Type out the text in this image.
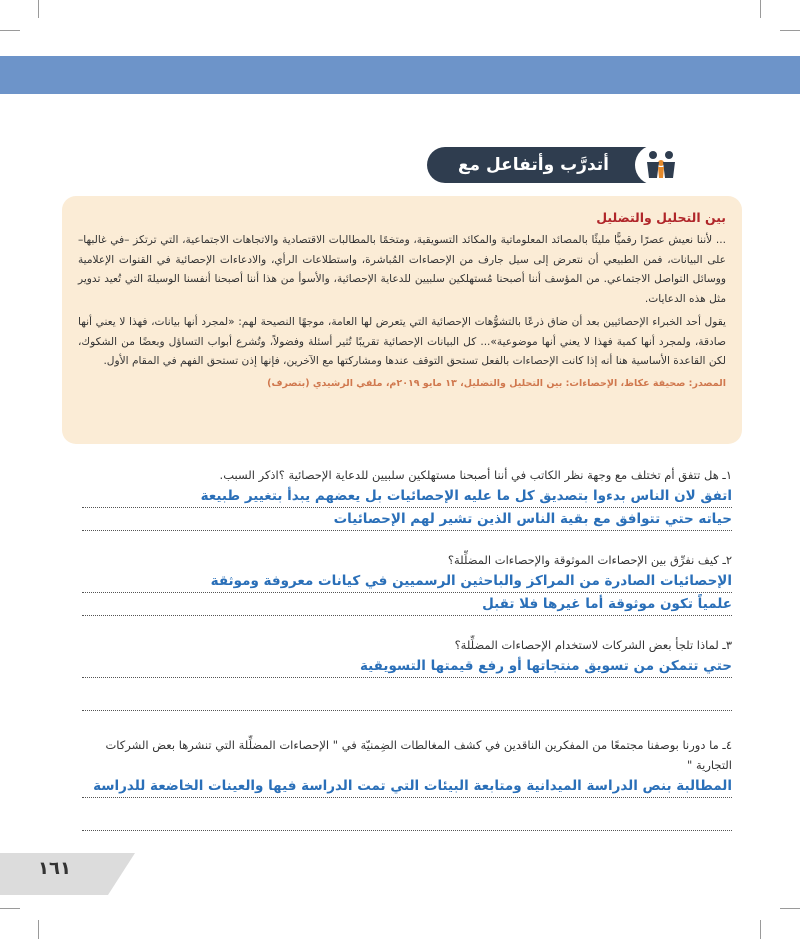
أتدرَّب وأتفاعل مع
بين التحليل والتضليل

... لأننا نعيش عصرًا رقميًّا مليئًا بالمصائد المعلوماتية والمكائد التسويقية، ومتخمًا بالمطالبات الاقتصادية والاتجاهات الاجتماعية، التي ترتكز –في غالبها– على البيانات، فمن الطبيعي أن نتعرض إلى سيل جارف من الإحصاءات المُباشرة، واستطلاعات الرأي، والادعاءات الإحصائية في القنوات الإعلامية ووسائل التواصل الاجتماعي. من المؤسف أننا أصبحنا مُستهلكين سلبيين للدعاية الإحصائية، والأسوأ من هذا أننا أصبحنا أنفسنا الوسيلةَ التي تُعيد تدوير مثل هذه الدعايات.

يقول أحد الخبراء الإحصائيين بعد أن ضاق ذرعًا بالتشوُّهات الإحصائية التي يتعرض لها العامة، موجهًا النصيحة لهم: «لمجرد أنها بيانات، فهذا لا يعني أنها صادقة، ولمجرد أنها كمية فهذا لا يعني أنها موضوعية»... كل البيانات الإحصائية تقريبًا تُثير أسئلة وفضولاً، وتُشرع أبواب التساؤل وبعضًا من الشكوك، لكن القاعدة الأساسية هنا أنه إذا كانت الإحصاءات بالفعل تستحق التوقف عندها ومشاركتها مع الآخرين، فإنها إذن تستحق الفهم في المقام الأول.

المصدر: صحيفة عكاظ، الإحصاءات: بين التحليل والتضليل، ١٣ مايو ٢٠١٩م، ملفي الرشيدي (بتصرف)
١ـ هل تتفق أم تختلف مع وجهة نظر الكاتب في أننا أصبحنا مستهلكين سلبيين للدعاية الإحصائية ؟اذكر السبب.
اتفق لان الناس بدءوا بتصديق كل ما عليه الإحصائيات بل يعضهم يبدأ بتغيير طبيعة
حياته حتي تتوافق مع بقية الناس الذين تشير لهم الإحصائيات
٢ـ كيف نفرِّق بين الإحصاءات الموثوقة والإحصاءات المضلِّلة؟
الإحصائيات الصادرة من المراكز والباحثين الرسميين في كيانات معروفة وموثقة
علمياً تكون موثوقة أما غيرها فلا تقبل
٣ـ لماذا تلجأ بعض الشركات لاستخدام الإحصاءات المضلِّلة؟
حتي تتمكن من تسويق منتجاتها أو رفع قيمتها التسويقية
٤ـ ما دورنا بوصفنا مجتمعًا من المفكرين الناقدين في كشف المغالطات الضِمنيّة في " الإحصاءات المضلِّلة التي تنشرها بعض الشركات التجارية "
المطالبة بنص الدراسة الميدانية ومتابعة البيئات التي تمت الدراسة فيها والعينات الخاضعة للدراسة
١٦١
